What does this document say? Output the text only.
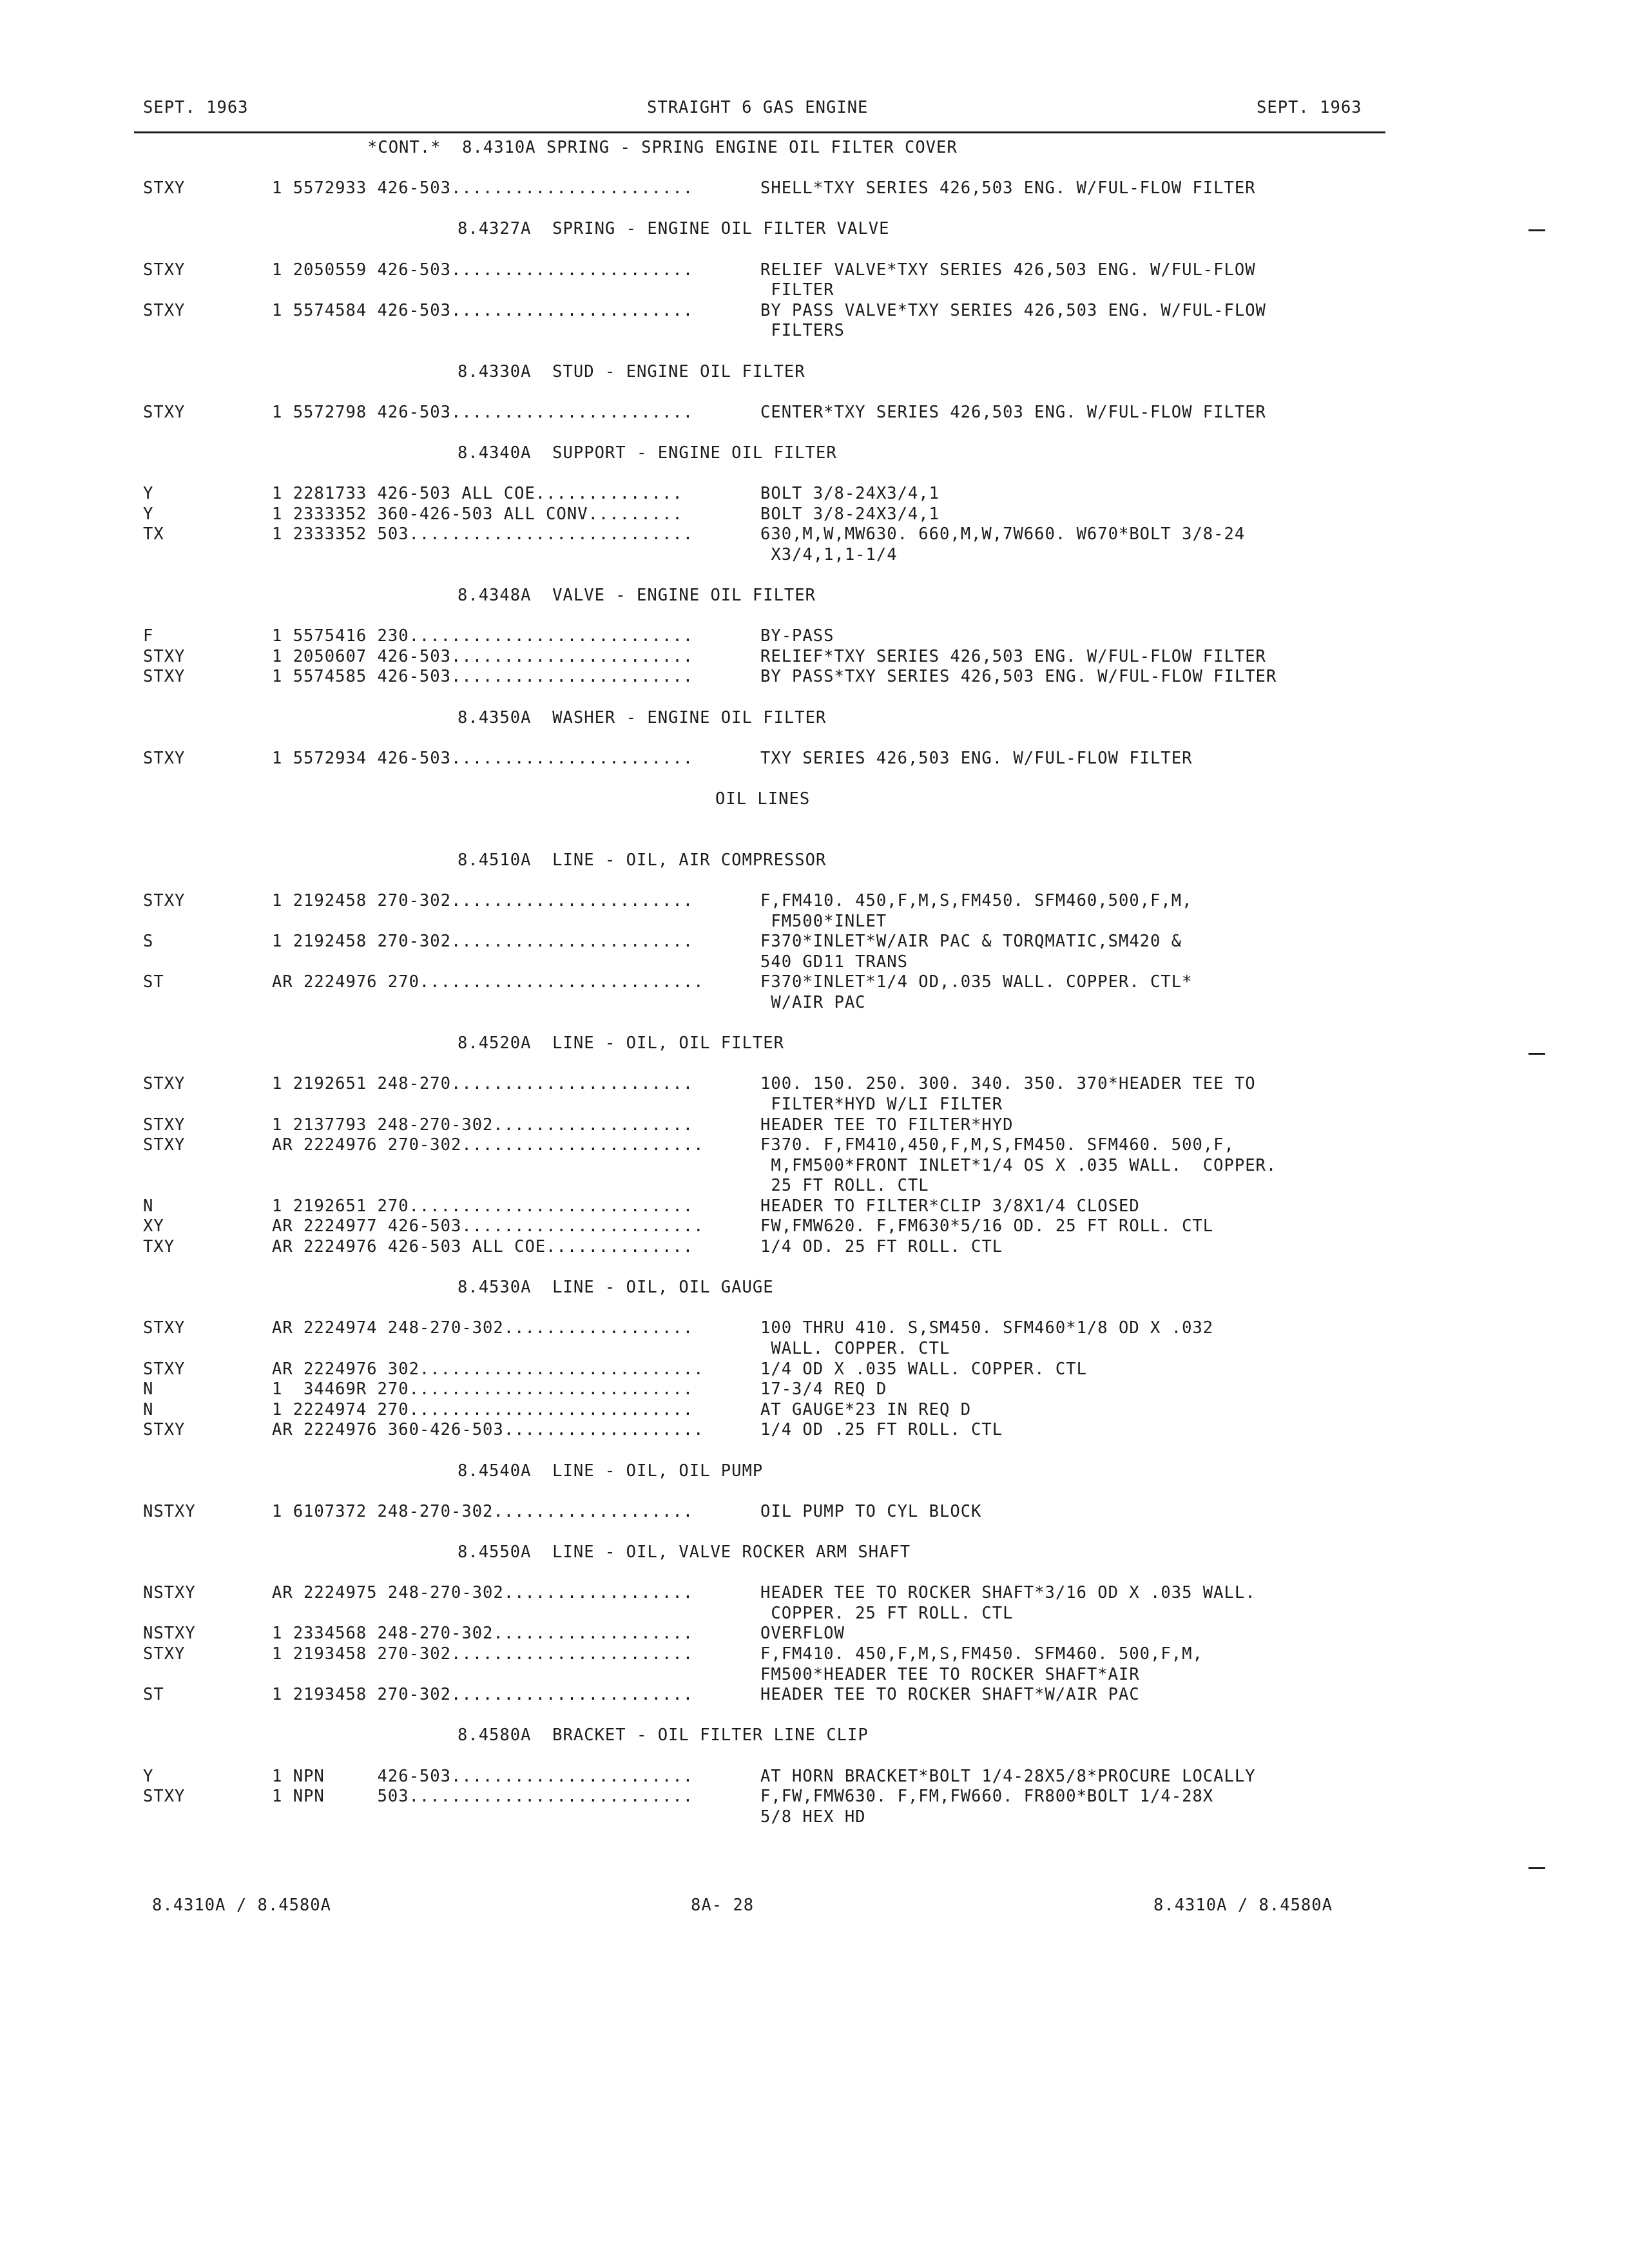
SEPT. 1963	STRAIGHT 6 GAS ENGINE	SEPT. 1963
*CONT.*  8.4310A SPRING - SPRING ENGINE OIL FILTER COVER
STXY	1 5572933 426-503.......................	SHELL*TXY SERIES 426,503 ENG. W/FUL-FLOW FILTER
8.4327A  SPRING - ENGINE OIL FILTER VALVE
STXY	1 2050559 426-503.......................	RELIEF VALVE*TXY SERIES 426,503 ENG. W/FUL-FLOW
FILTER
STXY	1 5574584 426-503.......................	BY PASS VALVE*TXY SERIES 426,503 ENG. W/FUL-FLOW
FILTERS
8.4330A  STUD - ENGINE OIL FILTER
STXY	1 5572798 426-503.......................	CENTER*TXY SERIES 426,503 ENG. W/FUL-FLOW FILTER
8.4340A  SUPPORT - ENGINE OIL FILTER
Y	1 2281733 426-503 ALL COE..............	BOLT 3/8-24X3/4,1
Y	1 2333352 360-426-503 ALL CONV.........	BOLT 3/8-24X3/4,1
TX	1 2333352 503...........................	630,M,W,MW630. 660,M,W,7W660. W670*BOLT 3/8-24
X3/4,1,1-1/4
8.4348A  VALVE - ENGINE OIL FILTER
F	1 5575416 230...........................	BY-PASS
STXY	1 2050607 426-503.......................	RELIEF*TXY SERIES 426,503 ENG. W/FUL-FLOW FILTER
STXY	1 5574585 426-503.......................	BY PASS*TXY SERIES 426,503 ENG. W/FUL-FLOW FILTER
8.4350A  WASHER - ENGINE OIL FILTER
STXY	1 5572934 426-503.......................	TXY SERIES 426,503 ENG. W/FUL-FLOW FILTER
OIL LINES
8.4510A  LINE - OIL, AIR COMPRESSOR
STXY	1 2192458 270-302.......................	F,FM410. 450,F,M,S,FM450. SFM460,500,F,M,
FM500*INLET
S	1 2192458 270-302.......................	F370*INLET*W/AIR PAC & TORQMATIC,SM420 &
540 GD11 TRANS
ST	AR 2224976 270...........................	F370*INLET*1/4 OD,.035 WALL. COPPER. CTL*
W/AIR PAC
8.4520A  LINE - OIL, OIL FILTER
STXY	1 2192651 248-270.......................	100. 150. 250. 300. 340. 350. 370*HEADER TEE TO
FILTER*HYD W/LI FILTER
STXY	1 2137793 248-270-302...................	HEADER TEE TO FILTER*HYD
STXY	AR 2224976 270-302.......................	F370. F,FM410,450,F,M,S,FM450. SFM460. 500,F,
M,FM500*FRONT INLET*1/4 OS X .035 WALL.  COPPER.
25 FT ROLL. CTL
N	1 2192651 270...........................	HEADER TO FILTER*CLIP 3/8X1/4 CLOSED
XY	AR 2224977 426-503.......................	FW,FMW620. F,FM630*5/16 OD. 25 FT ROLL. CTL
TXY	AR 2224976 426-503 ALL COE..............	1/4 OD. 25 FT ROLL. CTL
8.4530A  LINE - OIL, OIL GAUGE
STXY	AR 2224974 248-270-302..................	100 THRU 410. S,SM450. SFM460*1/8 OD X .032
WALL. COPPER. CTL
STXY	AR 2224976 302...........................	1/4 OD X .035 WALL. COPPER. CTL
N	1  34469R 270...........................	17-3/4 REQ D
N	1 2224974 270...........................	AT GAUGE*23 IN REQ D
STXY	AR 2224976 360-426-503...................	1/4 OD .25 FT ROLL. CTL
8.4540A  LINE - OIL, OIL PUMP
NSTXY	1 6107372 248-270-302...................	OIL PUMP TO CYL BLOCK
8.4550A  LINE - OIL, VALVE ROCKER ARM SHAFT
NSTXY	AR 2224975 248-270-302..................	HEADER TEE TO ROCKER SHAFT*3/16 OD X .035 WALL.
COPPER. 25 FT ROLL. CTL
NSTXY	1 2334568 248-270-302...................	OVERFLOW
STXY	1 2193458 270-302.......................	F,FM410. 450,F,M,S,FM450. SFM460. 500,F,M,
FM500*HEADER TEE TO ROCKER SHAFT*AIR
ST	1 2193458 270-302.......................	HEADER TEE TO ROCKER SHAFT*W/AIR PAC
8.4580A  BRACKET - OIL FILTER LINE CLIP
Y	1 NPN     426-503.......................	AT HORN BRACKET*BOLT 1/4-28X5/8*PROCURE LOCALLY
STXY	1 NPN     503...........................	F,FW,FMW630. F,FM,FW660. FR800*BOLT 1/4-28X
5/8 HEX HD
8.4310A / 8.4580A	8A- 28	8.4310A / 8.4580A
